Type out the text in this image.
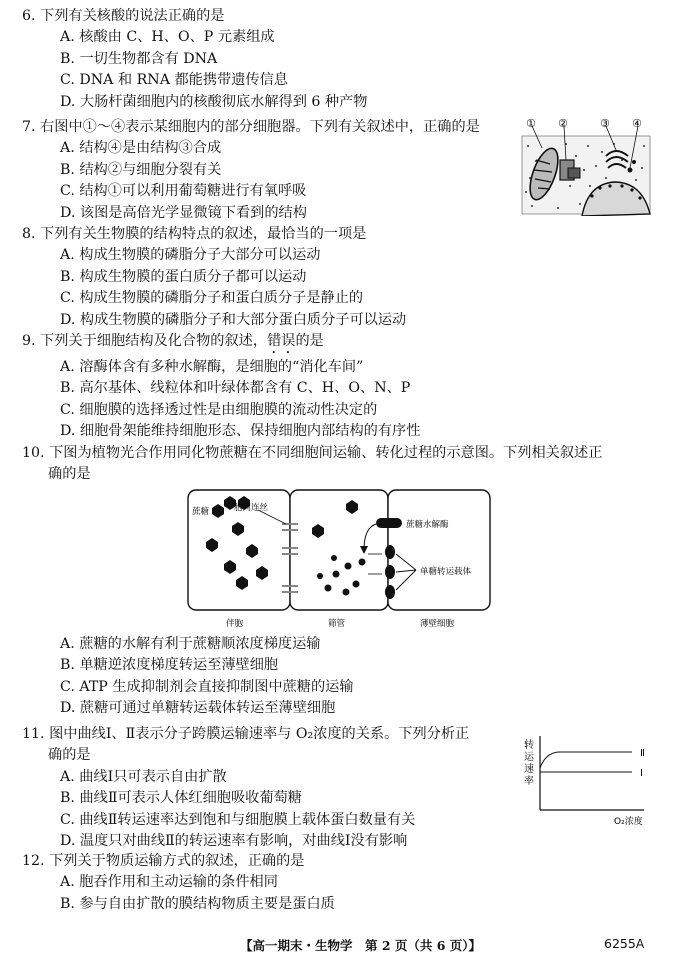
6. 下列有关核酸的说法正确的是
A. 核酸由 C、H、O、P 元素组成
B. 一切生物都含有 DNA
C. DNA 和 RNA 都能携带遗传信息
D. 大肠杆菌细胞内的核酸彻底水解得到 6 种产物
7. 右图中①～④表示某细胞内的部分细胞器。下列有关叙述中，正确的是
A. 结构④是由结构③合成
B. 结构②与细胞分裂有关
C. 结构①可以利用葡萄糖进行有氧呼吸
D. 该图是高倍光学显微镜下看到的结构
① ②	③ ④
8. 下列有关生物膜的结构特点的叙述，最恰当的一项是
A. 构成生物膜的磷脂分子大部分可以运动
B. 构成生物膜的蛋白质分子都可以运动
C. 构成生物膜的磷脂分子和蛋白质分子是静止的
D. 构成生物膜的磷脂分子和大部分蛋白质分子可以运动
9. 下列关于细胞结构及化合物的叙述，错误的是
A. 溶酶体含有多种水解酶，是细胞的“消化车间”
B. 高尔基体、线粒体和叶绿体都含有 C、H、O、N、P
C. 细胞膜的选择透过性是由细胞膜的流动性决定的
D. 细胞骨架能维持细胞形态、保持细胞内部结构的有序性
10. 下图为植物光合作用同化物蔗糖在不同细胞间运输、转化过程的示意图。下列相关叙述正
确的是
蔗糖	胞间连丝
蔗糖水解酶
单糖转运载体
伴胞	筛管	薄壁细胞
A. 蔗糖的水解有利于蔗糖顺浓度梯度运输
B. 单糖逆浓度梯度转运至薄壁细胞
C. ATP 生成抑制剂会直接抑制图中蔗糖的运输
D. 蔗糖可通过单糖转运载体转运至薄壁细胞
11. 图中曲线Ⅰ、Ⅱ表示分子跨膜运输速率与 O₂浓度的关系。下列分析正
确的是
A. 曲线Ⅰ只可表示自由扩散
B. 曲线Ⅱ可表示人体红细胞吸收葡萄糖
C. 曲线Ⅱ转运速率达到饱和与细胞膜上载体蛋白数量有关
D. 温度只对曲线Ⅱ的转运速率有影响，对曲线Ⅰ没有影响
转
运
速
率
Ⅱ
Ⅰ
O₂浓度
12. 下列关于物质运输方式的叙述，正确的是
A. 胞吞作用和主动运输的条件相同
B. 参与自由扩散的膜结构物质主要是蛋白质
【高一期末・生物学　第 2 页（共 6 页）】	6255A
